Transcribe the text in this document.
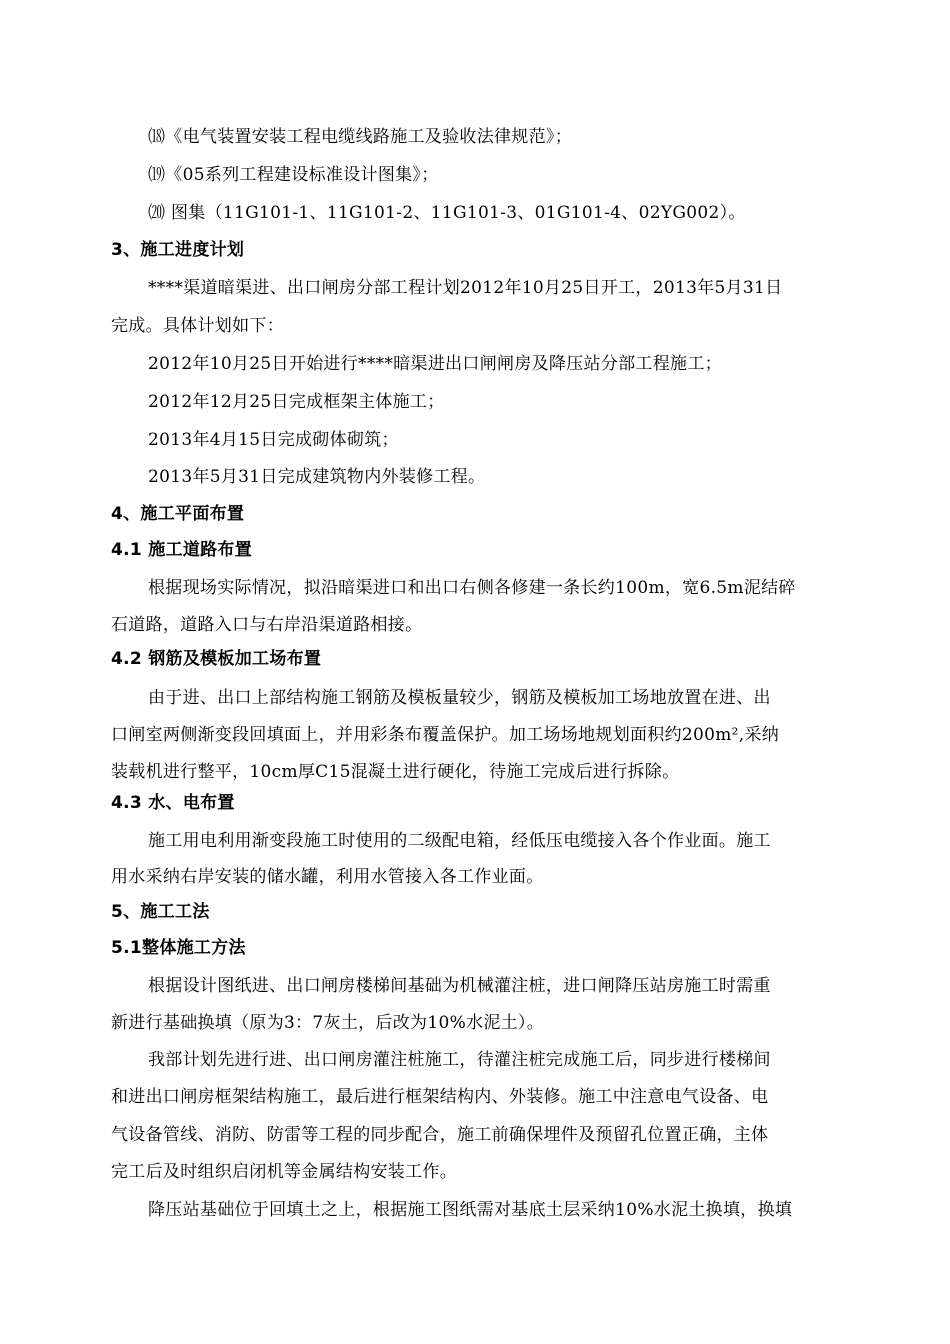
⒅《电气装置安装工程电缆线路施工及验收法律规范》；
⒆《05系列工程建设标准设计图集》；
⒇ 图集（11G101-1、11G101-2、11G101-3、01G101-4、02YG002）。
3、施工进度计划
****渠道暗渠进、出口闸房分部工程计划2012年10月25日开工，2013年5月31日
完成。具体计划如下：
2012年10月25日开始进行****暗渠进出口闸闸房及降压站分部工程施工；
2012年12月25日完成框架主体施工；
2013年4月15日完成砌体砌筑；
2013年5月31日完成建筑物内外装修工程。
4、施工平面布置
4.1 施工道路布置
根据现场实际情况，拟沿暗渠进口和出口右侧各修建一条长约100m，宽6.5m泥结碎
石道路，道路入口与右岸沿渠道路相接。
4.2 钢筋及模板加工场布置
由于进、出口上部结构施工钢筋及模板量较少，钢筋及模板加工场地放置在进、出
口闸室两侧渐变段回填面上，并用彩条布覆盖保护。加工场场地规划面积约200m²,采纳
装载机进行整平，10cm厚C15混凝土进行硬化，待施工完成后进行拆除。
4.3 水、电布置
施工用电利用渐变段施工时使用的二级配电箱，经低压电缆接入各个作业面。施工
用水采纳右岸安装的储水罐，利用水管接入各工作业面。
5、施工工法
5.1整体施工方法
根据设计图纸进、出口闸房楼梯间基础为机械灌注桩，进口闸降压站房施工时需重
新进行基础换填（原为3：7灰土，后改为10%水泥土）。
我部计划先进行进、出口闸房灌注桩施工，待灌注桩完成施工后，同步进行楼梯间
和进出口闸房框架结构施工，最后进行框架结构内、外装修。施工中注意电气设备、电
气设备管线、消防、防雷等工程的同步配合，施工前确保埋件及预留孔位置正确，主体
完工后及时组织启闭机等金属结构安装工作。
降压站基础位于回填土之上，根据施工图纸需对基底土层采纳10%水泥土换填，换填
